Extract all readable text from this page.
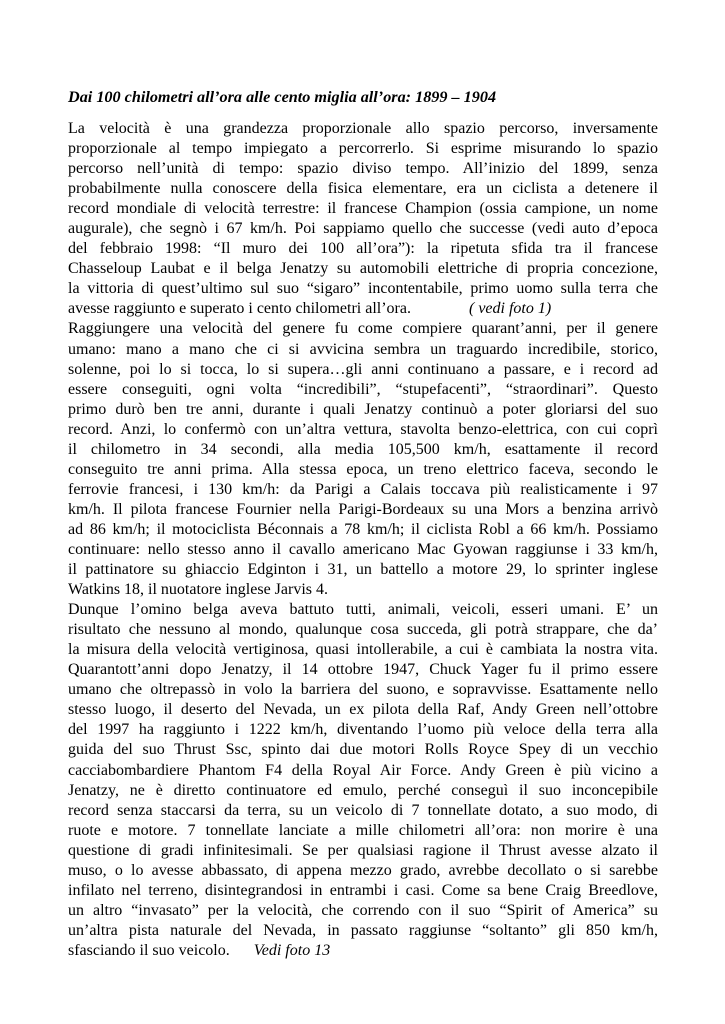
Dai 100 chilometri all’ora alle cento miglia all’ora: 1899 – 1904
La velocità è una grandezza proporzionale allo spazio percorso, inversamente
proporzionale al tempo impiegato a percorrerlo. Si esprime misurando lo spazio
percorso nell’unità di tempo: spazio diviso tempo. All’inizio del 1899, senza
probabilmente nulla conoscere della fisica elementare, era un ciclista a detenere il
record mondiale di velocità terrestre: il francese Champion (ossia campione, un nome
augurale), che segnò i 67 km/h. Poi sappiamo quello che successe (vedi auto d’epoca
del febbraio 1998: “Il muro dei 100 all’ora”): la ripetuta sfida tra il francese
Chasseloup Laubat e il belga Jenatzy su automobili elettriche di propria concezione,
la vittoria di quest’ultimo sul suo “sigaro” incontentabile, primo uomo sulla terra che
avesse raggiunto e superato i cento chilometri all’ora.	( vedi foto 1)
Raggiungere una velocità del genere fu come compiere quarant’anni, per il genere
umano: mano a mano che ci si avvicina sembra un traguardo incredibile, storico,
solenne, poi lo si tocca, lo si supera…gli anni continuano a passare, e i record ad
essere conseguiti, ogni volta “incredibili”, “stupefacenti”, “straordinari”. Questo
primo durò ben tre anni, durante i quali Jenatzy continuò a poter gloriarsi del suo
record. Anzi, lo confermò con un’altra vettura, stavolta benzo-elettrica, con cui coprì
il chilometro in 34 secondi, alla media 105,500 km/h, esattamente il record
conseguito tre anni prima. Alla stessa epoca, un treno elettrico faceva, secondo le
ferrovie francesi, i 130 km/h: da Parigi a Calais toccava più realisticamente i 97
km/h. Il pilota francese Fournier nella Parigi-Bordeaux su una Mors a benzina arrivò
ad 86 km/h; il motociclista Béconnais a 78 km/h; il ciclista Robl a 66 km/h. Possiamo
continuare: nello stesso anno il cavallo americano Mac Gyowan raggiunse i 33 km/h,
il pattinatore su ghiaccio Edginton i 31, un battello a motore 29, lo sprinter inglese
Watkins 18, il nuotatore inglese Jarvis 4.
Dunque l’omino belga aveva battuto tutti, animali, veicoli, esseri umani. E’ un
risultato che nessuno al mondo, qualunque cosa succeda, gli potrà strappare, che da’
la misura della velocità vertiginosa, quasi intollerabile, a cui è cambiata la nostra vita.
Quarantott’anni dopo Jenatzy, il 14 ottobre 1947, Chuck Yager fu il primo essere
umano che oltrepassò in volo la barriera del suono, e sopravvisse. Esattamente nello
stesso luogo, il deserto del Nevada, un ex pilota della Raf, Andy Green nell’ottobre
del 1997 ha raggiunto i 1222 km/h, diventando l’uomo più veloce della terra alla
guida del suo Thrust Ssc, spinto dai due motori Rolls Royce Spey di un vecchio
cacciabombardiere Phantom F4 della Royal Air Force. Andy Green è più vicino a
Jenatzy, ne è diretto continuatore ed emulo, perché conseguì il suo inconcepibile
record senza staccarsi da terra, su un veicolo di 7 tonnellate dotato, a suo modo, di
ruote e motore. 7 tonnellate lanciate a mille chilometri all’ora: non morire è una
questione di gradi infinitesimali. Se per qualsiasi ragione il Thrust avesse alzato il
muso, o lo avesse abbassato, di appena mezzo grado, avrebbe decollato o si sarebbe
infilato nel terreno, disintegrandosi in entrambi i casi. Come sa bene Craig Breedlove,
un altro “invasato” per la velocità, che correndo con il suo “Spirit of America” su
un’altra pista naturale del Nevada, in passato raggiunse “soltanto” gli 850 km/h,
sfasciando il suo veicolo. Vedi foto 13
